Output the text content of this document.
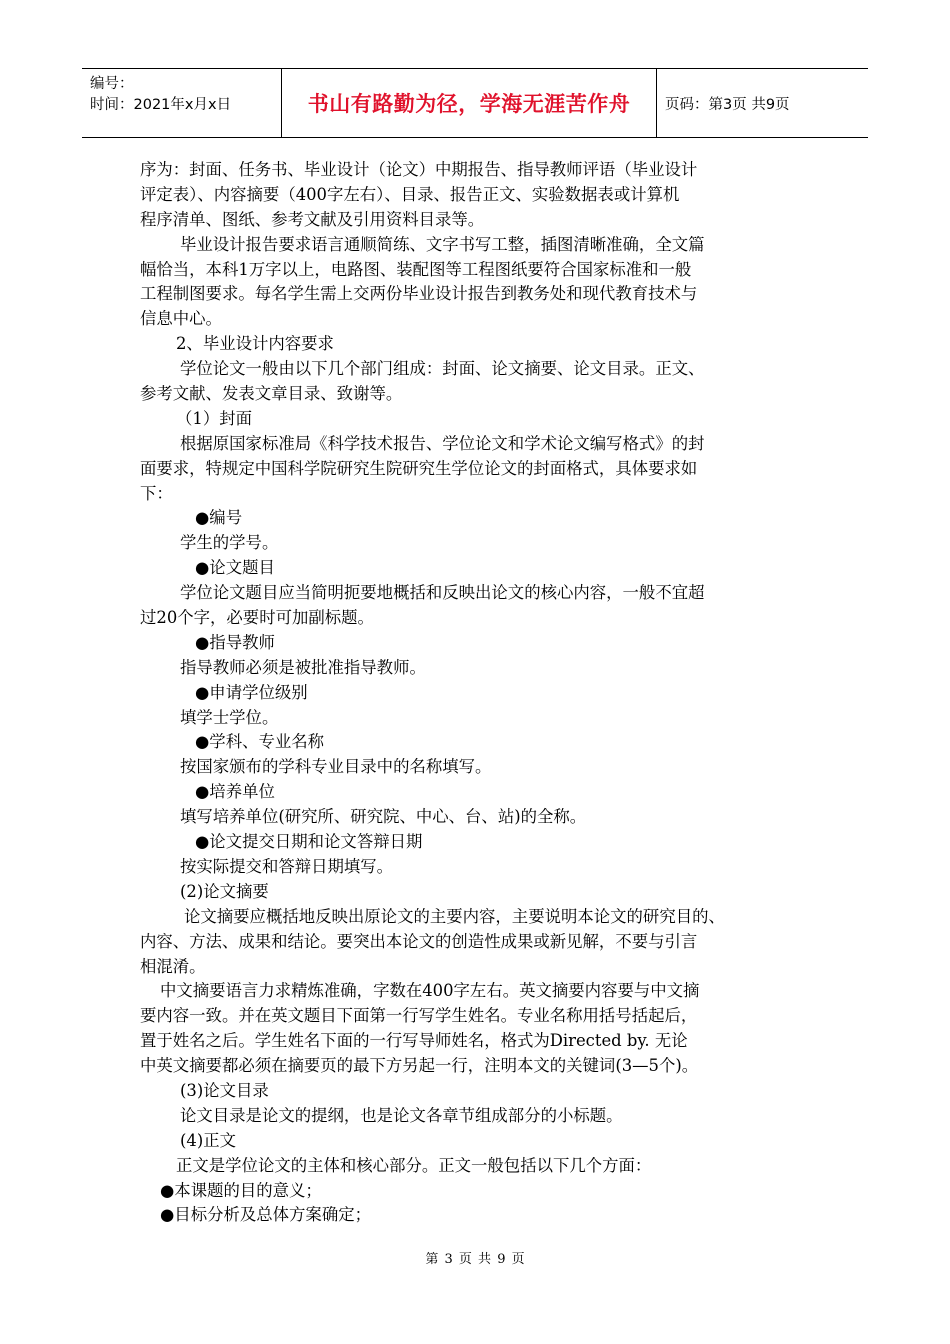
编号：
时间：2021年x月x日	书山有路勤为径，学海无涯苦作舟	页码：第3页 共9页
序为：封面、任务书、毕业设计（论文）中期报告、指导教师评语（毕业设计
评定表）、内容摘要（400字左右）、目录、报告正文、实验数据表或计算机
程序清单、图纸、参考文献及引用资料目录等。
毕业设计报告要求语言通顺简练、文字书写工整，插图清晰准确，全文篇
幅恰当，本科1万字以上，电路图、装配图等工程图纸要符合国家标准和一般
工程制图要求。每名学生需上交两份毕业设计报告到教务处和现代教育技术与
信息中心。
2、毕业设计内容要求
学位论文一般由以下几个部门组成：封面、论文摘要、论文目录。正文、
参考文献、发表文章目录、致谢等。
（1）封面
根据原国家标准局《科学技术报告、学位论文和学术论文编写格式》的封
面要求，特规定中国科学院研究生院研究生学位论文的封面格式，具体要求如
下：
●编号
学生的学号。
●论文题目
学位论文题目应当简明扼要地概括和反映出论文的核心内容，一般不宜超
过20个字，必要时可加副标题。
●指导教师
指导教师必须是被批准指导教师。
●申请学位级别
填学士学位。
●学科、专业名称
按国家颁布的学科专业目录中的名称填写。
●培养单位
填写培养单位(研究所、研究院、中心、台、站)的全称。
●论文提交日期和论文答辩日期
按实际提交和答辩日期填写。
(2)论文摘要
论文摘要应概括地反映出原论文的主要内容，主要说明本论文的研究目的、
内容、方法、成果和结论。要突出本论文的创造性成果或新见解，不要与引言
相混淆。
中文摘要语言力求精炼准确，字数在400字左右。英文摘要内容要与中文摘
要内容一致。并在英文题目下面第一行写学生姓名。专业名称用括号括起后，
置于姓名之后。学生姓名下面的一行写导师姓名，格式为Directed by. 无论
中英文摘要都必须在摘要页的最下方另起一行，注明本文的关键词(3—5个)。
(3)论文目录
论文目录是论文的提纲，也是论文各章节组成部分的小标题。
(4)正文
正文是学位论文的主体和核心部分。正文一般包括以下几个方面：
●本课题的目的意义；
●目标分析及总体方案确定；
第 3 页 共 9 页
